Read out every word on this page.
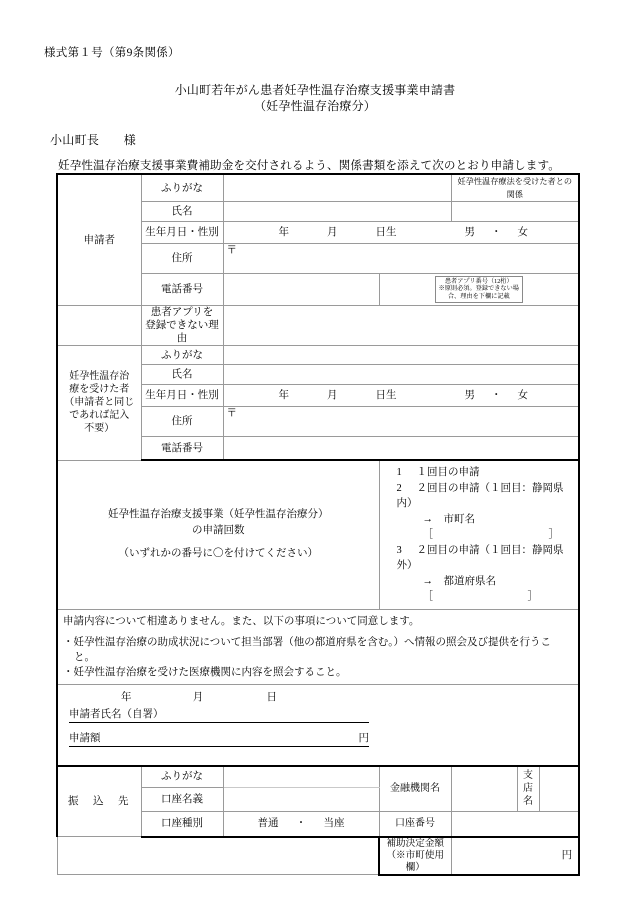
様式第１号（第9条関係）
小山町若年がん患者妊孕性温存治療支援事業申請書
（妊孕性温存治療分）
小山町長　　様
妊孕性温存治療支援事業費補助金を交付されるよう、関係書類を添えて次のとおり申請します。
申請者	ふりがな			妊孕性温存療法を受けた者との関係		
	氏名					
生年月日・性別	年	月	日生	男 ・ 女

	住所	〒				
	電話番号		患者アプリ番号（12桁）
※原則必須。登録できない場
合、理由を下欄に記載			
	患者アプリを
登録できない理由					
妊孕性温存治
療を受けた者
（申請者と同じ
であれば記入
不要）	ふりがな					
	氏名					
生年月日・性別	年	月	日生	男 ・ 女

	住所	〒				
	電話番号					

妊孕性温存治療支援事業（妊孕性温存治療分）
の申請回数
（いずれかの番号に〇を付けてください）

1 １回目の申請
2 ２回目の申請（１回目：静岡県内）
→　市町名［　　　　　　　　　　　］
3 ２回目の申請（１回目：静岡県外）
→　都道府県名［　　　　　　　　　］

申請内容について相違ありません。また、以下の事項について同意します。
・妊孕性温存治療の助成状況について担当部署（他の都道府県を含む。）へ情報の照会及び提供を行うこ
と。
・妊孕性温存治療を受けた医療機関に内容を照会すること。						

年 月 日
申請者氏名（自署）
申請額 円						

振　込　先	ふりがな		金融機関名		支店名	
	口座名義					
	口座種別	普通 ・ 当座	口座番号			

			補助決定金額
（※市町使用欄）	円		
